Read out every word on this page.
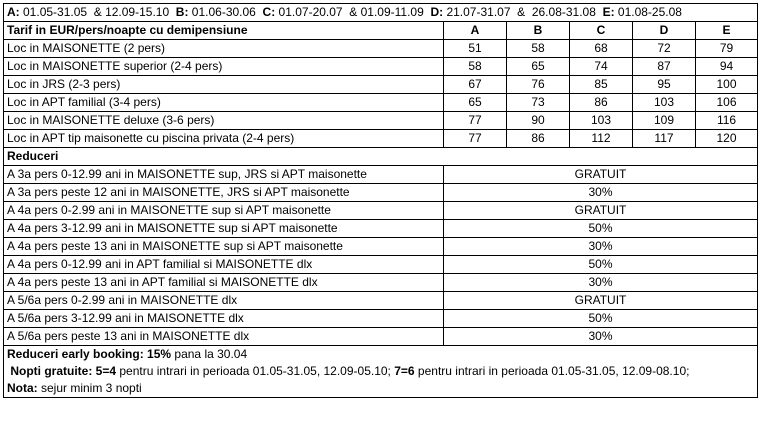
A: 01.05-31.05  & 12.09-15.10  B: 01.06-30.06  C: 01.07-20.07  & 01.09-11.09  D: 21.07-31.07  &  26.08-31.08  E: 01.08-25.08					
Tarif in EUR/pers/noapte cu demipensiune	A	B	C	D	E
Loc in MAISONETTE (2 pers)	51	58	68	72	79
Loc in MAISONETTE superior (2-4 pers)	58	65	74	87	94
Loc in JRS (2-3 pers)	67	76	85	95	100
Loc in APT familial (3-4 pers)	65	73	86	103	106
Loc in MAISONETTE deluxe (3-6 pers)	77	90	103	109	116
Loc in APT tip maisonette cu piscina privata (2-4 pers)	77	86	112	117	120
Reduceri					
A 3a pers 0-12.99 ani in MAISONETTE sup, JRS si APT maisonette	GRATUIT				
A 3a pers peste 12 ani in MAISONETTE, JRS si APT maisonette	30%				
A 4a pers 0-2.99 ani in MAISONETTE sup si APT maisonette	GRATUIT				
A 4a pers 3-12.99 ani in MAISONETTE sup si APT maisonette	50%				
A 4a pers peste 13 ani in MAISONETTE sup si APT maisonette	30%				
A 4a pers 0-12.99 ani in APT familial si MAISONETTE dlx	50%				
A 4a pers peste 13 ani in APT familial si MAISONETTE dlx	30%				
A 5/6a pers 0-2.99 ani in MAISONETTE dlx	GRATUIT				
A 5/6a pers 3-12.99 ani in MAISONETTE dlx	50%				
A 5/6a pers peste 13 ani in MAISONETTE dlx	30%				

Reduceri early booking: 15% pana la 30.04
Nopti gratuite: 5=4 pentru intrari in perioada 01.05-31.05, 12.09-05.10; 7=6 pentru intrari in perioada 01.05-31.05, 12.09-08.10;
Nota: sejur minim 3 nopti					
